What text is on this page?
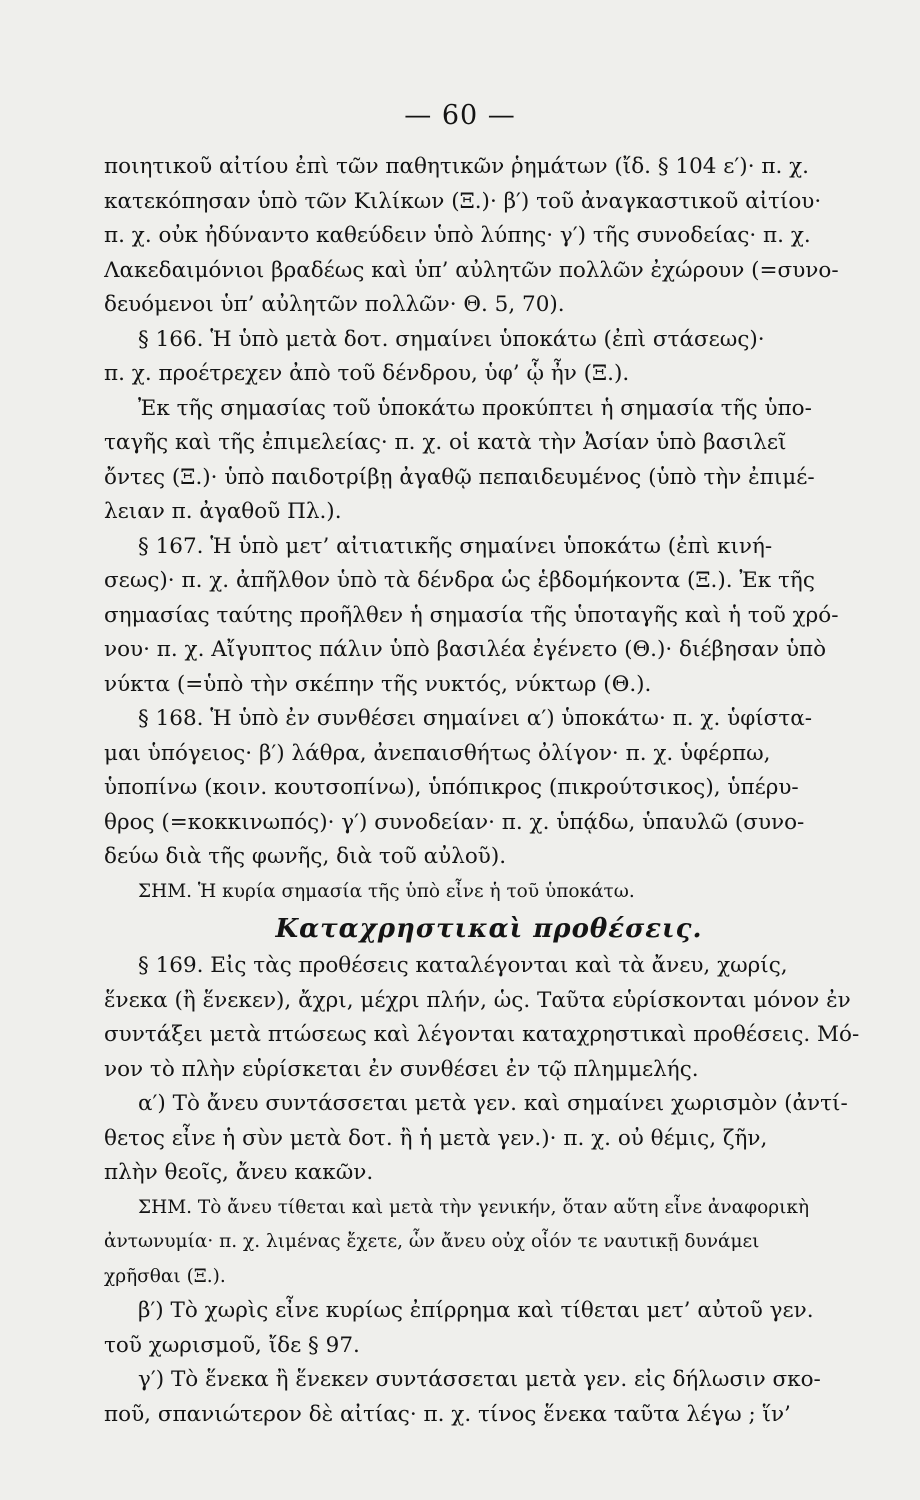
— 60 —
ποιητικοῦ αἰτίου ἐπὶ τῶν παθητικῶν ῥημάτων (ἴδ. § 104 ε′)· π. χ.
κατεκόπησαν ὑπὸ τῶν Κιλίκων (Ξ.)· β′) τοῦ ἀναγκαστικοῦ αἰτίου·
π. χ. οὐκ ἠδύναντο καθεύδειν ὑπὸ λύπης· γ′) τῆς συνοδείας· π. χ.
Λακεδαιμόνιοι βραδέως καὶ ὑπ’ αὐλητῶν πολλῶν ἐχώρουν (=συνο-
δευόμενοι ὑπ’ αὐλητῶν πολλῶν· Θ. 5, 70).
§ 166. Ἡ ὑπὸ μετὰ δοτ. σημαίνει ὑποκάτω (ἐπὶ στάσεως)·
π. χ. προέτρεχεν ἀπὸ τοῦ δένδρου, ὑφ’ ᾧ ἦν (Ξ.).
Ἐκ τῆς σημασίας τοῦ ὑποκάτω προκύπτει ἡ σημασία τῆς ὑπο-
ταγῆς καὶ τῆς ἐπιμελείας· π. χ. οἱ κατὰ τὴν Ἀσίαν ὑπὸ βασιλεῖ
ὄντες (Ξ.)· ὑπὸ παιδοτρίβῃ ἀγαθῷ πεπαιδευμένος (ὑπὸ τὴν ἐπιμέ-
λειαν π. ἀγαθοῦ Πλ.).
§ 167. Ἡ ὑπὸ μετ’ αἰτιατικῆς σημαίνει ὑποκάτω (ἐπὶ κινή-
σεως)· π. χ. ἀπῆλθον ὑπὸ τὰ δένδρα ὡς ἑβδομήκοντα (Ξ.). Ἐκ τῆς
σημασίας ταύτης προῆλθεν ἡ σημασία τῆς ὑποταγῆς καὶ ἡ τοῦ χρό-
νου· π. χ. Αἴγυπτος πάλιν ὑπὸ βασιλέα ἐγένετο (Θ.)· διέβησαν ὑπὸ
νύκτα (=ὑπὸ τὴν σκέπην τῆς νυκτός, νύκτωρ (Θ.).
§ 168. Ἡ ὑπὸ ἐν συνθέσει σημαίνει α′) ὑποκάτω· π. χ. ὑφίστα-
μαι ὑπόγειος· β′) λάθρα, ἀνεπαισθήτως ὀλίγον· π. χ. ὑφέρπω,
ὑποπίνω (κοιν. κουτσοπίνω), ὑπόπικρος (πικρούτσικος), ὑπέρυ-
θρος (=κοκκινωπός)· γ′) συνοδείαν· π. χ. ὑπᾴδω, ὑπαυλῶ (συνο-
δεύω διὰ τῆς φωνῆς, διὰ τοῦ αὐλοῦ).
ΣΗΜ. Ἡ κυρία σημασία τῆς ὑπὸ εἶνε ἡ τοῦ ὑποκάτω.
Καταχρηστικαὶ προθέσεις.
§ 169. Εἰς τὰς προθέσεις καταλέγονται καὶ τὰ ἄνευ, χωρίς,
ἕνεκα (ἢ ἕνεκεν), ἄχρι, μέχρι πλήν, ὡς. Ταῦτα εὑρίσκονται μόνον ἐν
συντάξει μετὰ πτώσεως καὶ λέγονται καταχρηστικαὶ προθέσεις. Μό-
νον τὸ πλὴν εὑρίσκεται ἐν συνθέσει ἐν τῷ πλημμελής.
α′) Τὸ ἄνευ συντάσσεται μετὰ γεν. καὶ σημαίνει χωρισμὸν (ἀντί-
θετος εἶνε ἡ σὺν μετὰ δοτ. ἢ ἡ μετὰ γεν.)· π. χ. οὐ θέμις, ζῆν,
πλὴν θεοῖς, ἄνευ κακῶν.
ΣΗΜ. Τὸ ἄνευ τίθεται καὶ μετὰ τὴν γενικήν, ὅταν αὕτη εἶνε ἀναφορικὴ
ἀντωνυμία· π. χ. λιμένας ἔχετε, ὧν ἄνευ οὐχ οἷόν τε ναυτικῇ δυνάμει
χρῆσθαι (Ξ.).
β′) Τὸ χωρὶς εἶνε κυρίως ἐπίρρημα καὶ τίθεται μετ’ αὐτοῦ γεν.
τοῦ χωρισμοῦ, ἴδε § 97.
γ′) Τὸ ἕνεκα ἢ ἕνεκεν συντάσσεται μετὰ γεν. εἰς δήλωσιν σκο-
ποῦ, σπανιώτερον δὲ αἰτίας· π. χ. τίνος ἕνεκα ταῦτα λέγω ; ἵν’
